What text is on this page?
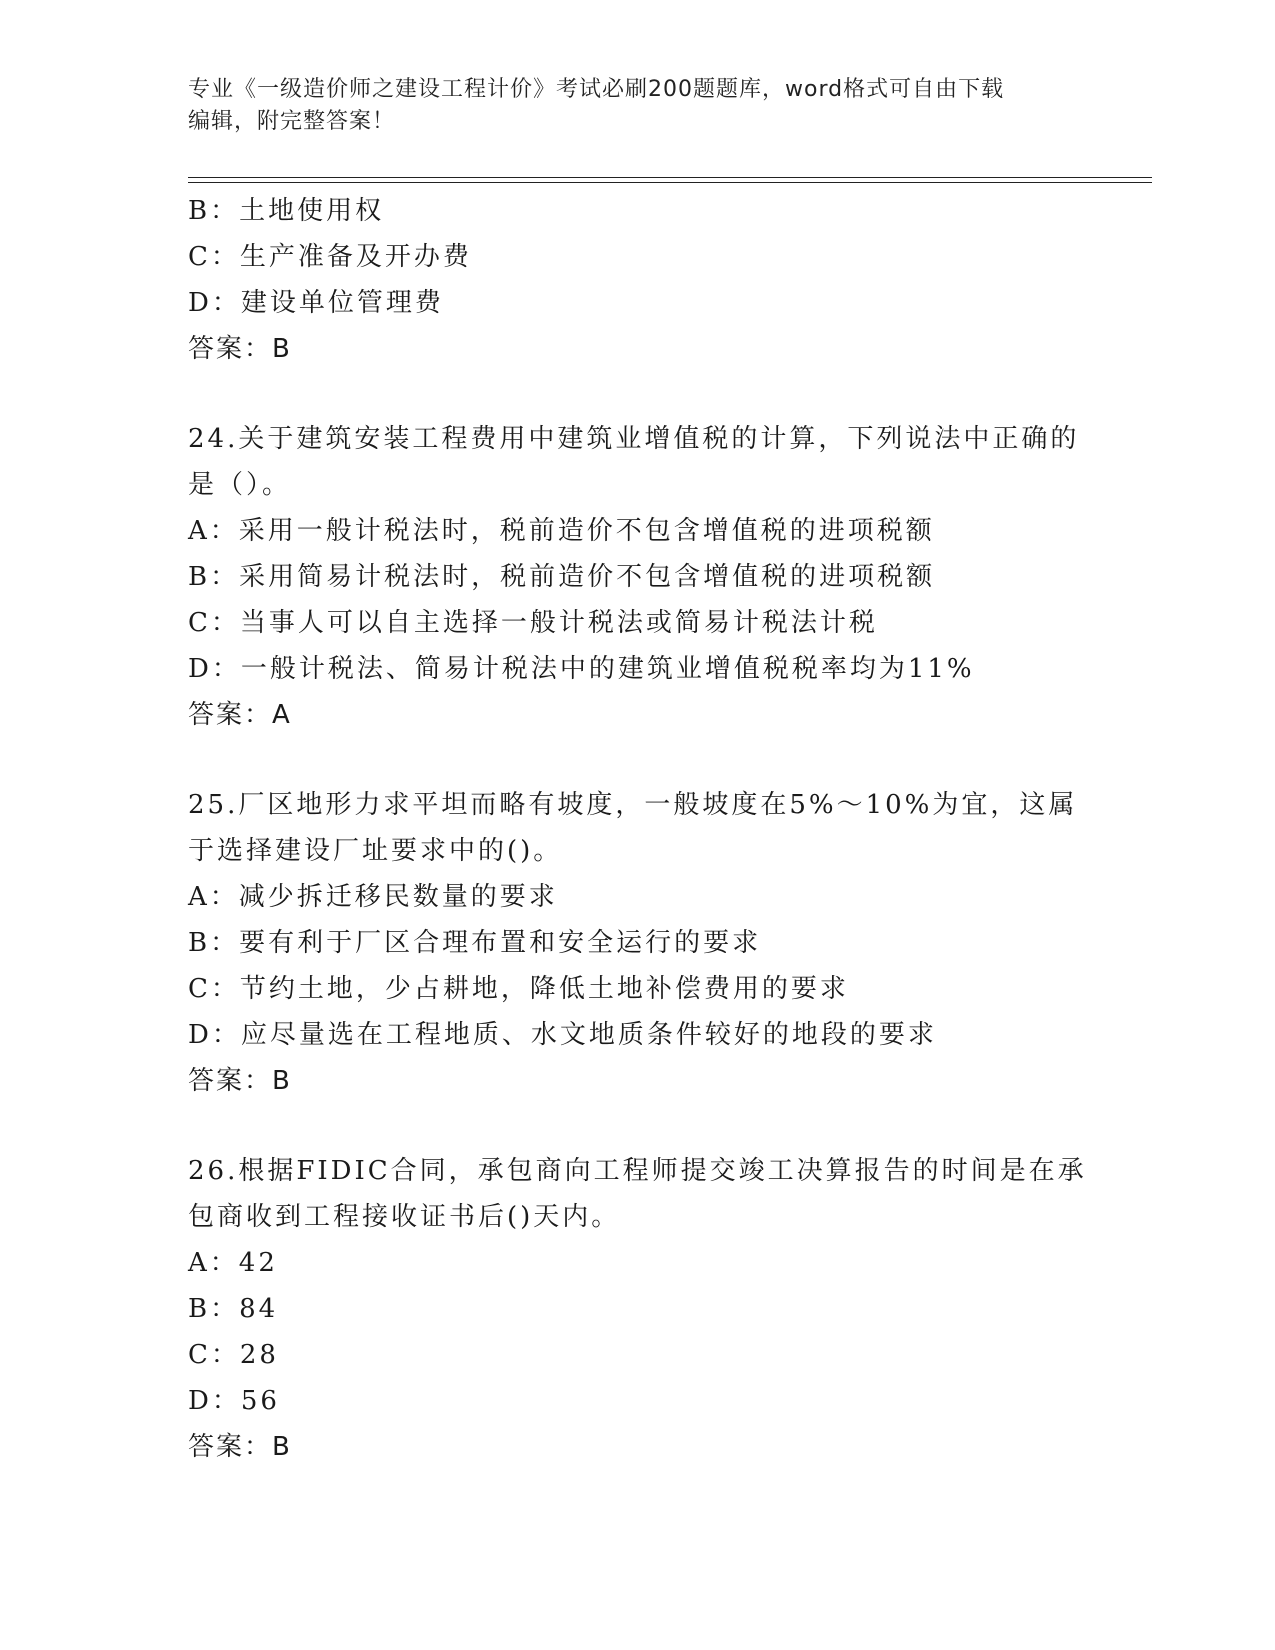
专业《一级造价师之建设工程计价》考试必刷200题题库，word格式可自由下载
编辑，附完整答案！
B：土地使用权
C：生产准备及开办费
D：建设单位管理费
答案：B
24.关于建筑安装工程费用中建筑业增值税的计算，下列说法中正确的
是（）。
A：采用一般计税法时，税前造价不包含增值税的进项税额
B：采用简易计税法时，税前造价不包含增值税的进项税额
C：当事人可以自主选择一般计税法或简易计税法计税
D：一般计税法、简易计税法中的建筑业增值税税率均为11%
答案：A
25.厂区地形力求平坦而略有坡度，一般坡度在5%～10%为宜，这属
于选择建设厂址要求中的()。
A：减少拆迁移民数量的要求
B：要有利于厂区合理布置和安全运行的要求
C：节约土地，少占耕地，降低土地补偿费用的要求
D：应尽量选在工程地质、水文地质条件较好的地段的要求
答案：B
26.根据FIDIC合同，承包商向工程师提交竣工决算报告的时间是在承
包商收到工程接收证书后()天内。
A：42
B：84
C：28
D：56
答案：B
